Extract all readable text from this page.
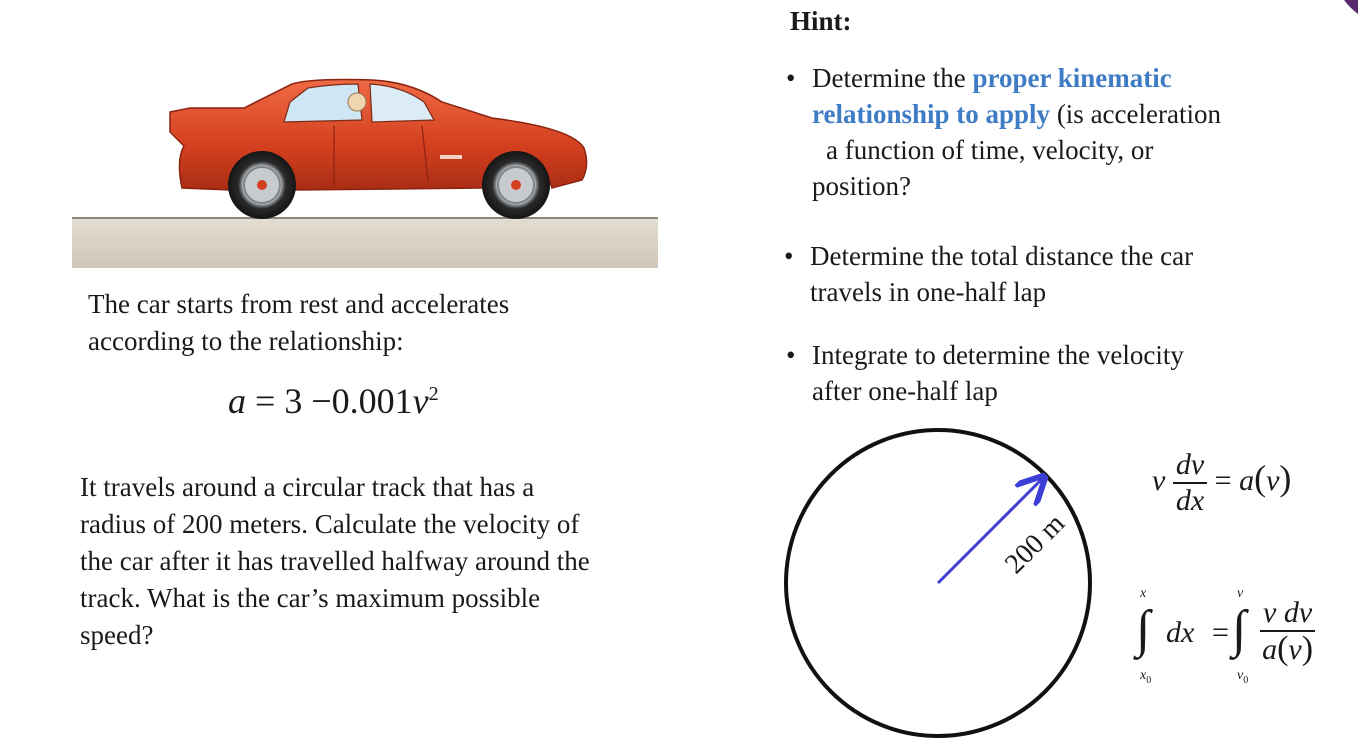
The car starts from rest and accelerates
according to the relationship:
$a = 3 -0.001v^2$
It travels around a circular track that has a
radius of 200 meters. Calculate the velocity of
the car after it has travelled halfway around the
track. What is the car’s maximum possible
speed?
Hint:
• Determine the proper kinematic
relationship to apply (is acceleration
a function of time, velocity, or
position?
• Determine the total distance the car
travels in one-half lap
• Integrate to determine the velocity
after one-half lap
200 m
v $\frac{dv}{dx} = a(v)$
x
∫
$x_0$
dx =
v
∫
$v_0$
$\frac{\text{v dv}}{a(v)}$
